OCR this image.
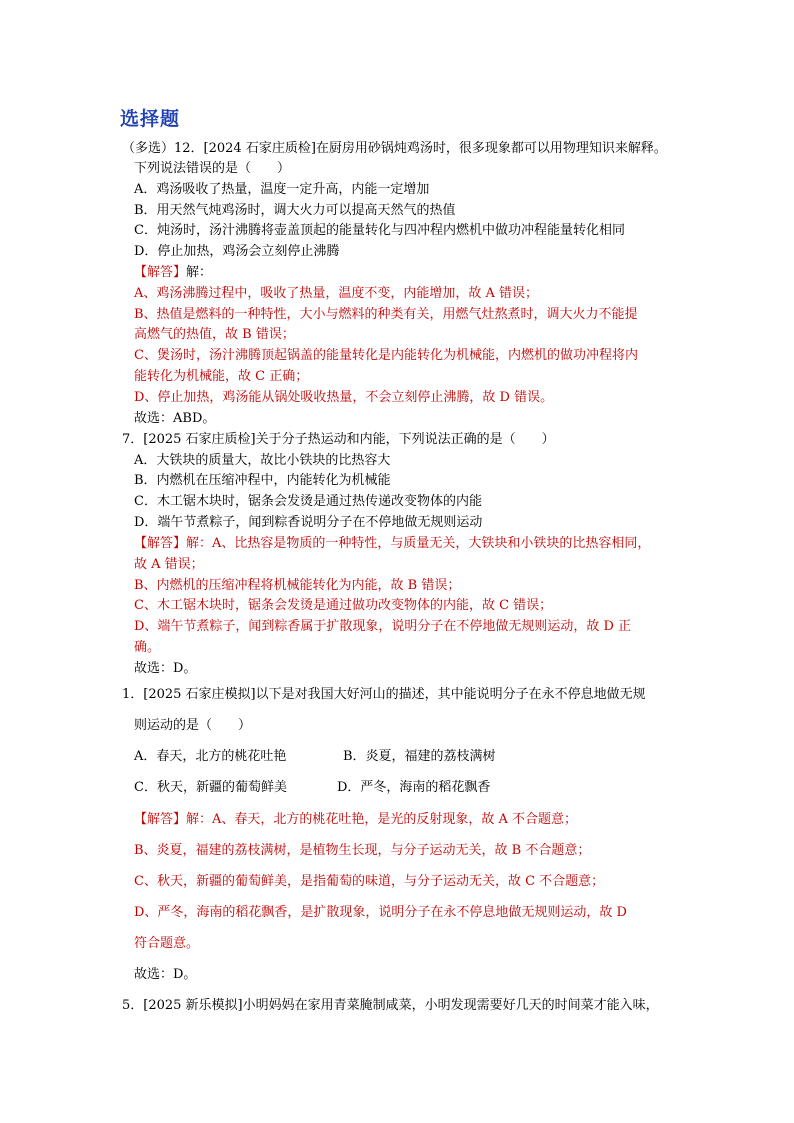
选择题
（多选）12．[2024 石家庄质检]在厨房用砂锅炖鸡汤时，很多现象都可以用物理知识来解释。
下列说法错误的是（　　）
A．鸡汤吸收了热量，温度一定升高，内能一定增加
B．用天然气炖鸡汤时，调大火力可以提高天然气的热值
C．炖汤时，汤汁沸腾将壶盖顶起的能量转化与四冲程内燃机中做功冲程能量转化相同
D．停止加热，鸡汤会立刻停止沸腾
【解答】解：
A、鸡汤沸腾过程中，吸收了热量，温度不变，内能增加，故 A 错误；
B、热值是燃料的一种特性，大小与燃料的种类有关，用燃气灶熬煮时，调大火力不能提
高燃气的热值，故 B 错误；
C、煲汤时，汤汁沸腾顶起锅盖的能量转化是内能转化为机械能，内燃机的做功冲程将内
能转化为机械能，故 C 正确；
D、停止加热，鸡汤能从锅处吸收热量，不会立刻停止沸腾，故 D 错误。
故选：ABD。
7．[2025 石家庄质检]关于分子热运动和内能，下列说法正确的是（　　）
A．大铁块的质量大，故比小铁块的比热容大
B．内燃机在压缩冲程中，内能转化为机械能
C．木工锯木块时，锯条会发烫是通过热传递改变物体的内能
D．端午节煮粽子，闻到粽香说明分子在不停地做无规则运动
【解答】解：A、比热容是物质的一种特性，与质量无关，大铁块和小铁块的比热容相同，
故 A 错误；
B、内燃机的压缩冲程将机械能转化为内能，故 B 错误；
C、木工锯木块时，锯条会发烫是通过做功改变物体的内能，故 C 错误；
D、端午节煮粽子，闻到粽香属于扩散现象，说明分子在不停地做无规则运动，故 D 正
确。
故选：D。
1．[2025 石家庄模拟]以下是对我国大好河山的描述，其中能说明分子在永不停息地做无规
则运动的是（　　）
A．春天，北方的桃花吐艳	B．炎夏，福建的荔枝满树
C．秋天，新疆的葡萄鲜美	D．严冬，海南的稻花飘香
【解答】解：A、春天，北方的桃花吐艳，是光的反射现象，故 A 不合题意；
B、炎夏，福建的荔枝满树，是植物生长现，与分子运动无关，故 B 不合题意；
C、秋天，新疆的葡萄鲜美，是指葡萄的味道，与分子运动无关，故 C 不合题意；
D、严冬，海南的稻花飘香，是扩散现象，说明分子在永不停息地做无规则运动，故 D
符合题意。
故选：D。
5．[2025 新乐模拟]小明妈妈在家用青菜腌制咸菜，小明发现需要好几天的时间菜才能入味，
